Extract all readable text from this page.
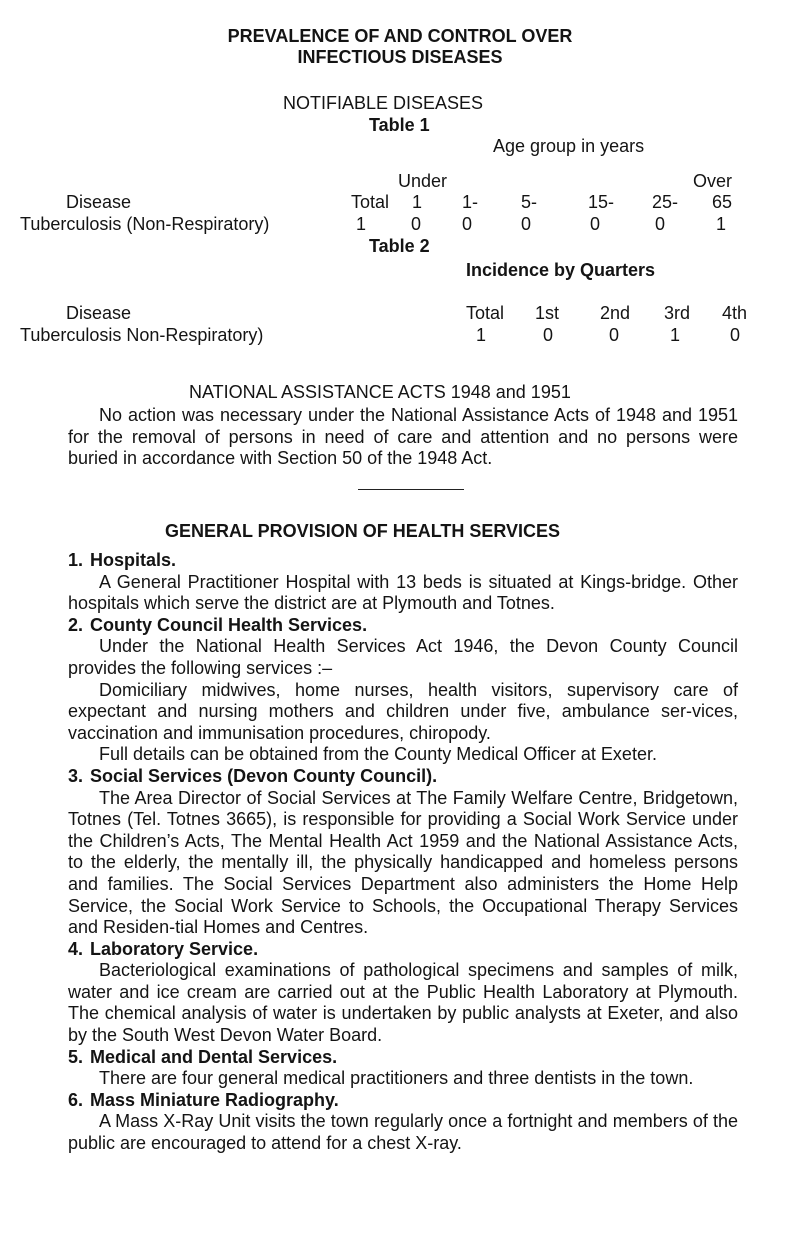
PREVALENCE OF AND CONTROL OVER
INFECTIOUS DISEASES
NOTIFIABLE DISEASES
Table 1
Age group in years
Under	Over
Disease	Total 1 1- 5-	15- 25- 65
Tuberculosis (Non-Respiratory)	1 0 0	0	0	0	1
Table 2
Incidence by Quarters
Disease	Total 1st 2nd 3rd 4th
Tuberculosis Non-Respiratory)	1	0	0	1	0
NATIONAL ASSISTANCE ACTS 1948 and 1951

No action was necessary under the National Assistance Acts of 1948 and 1951 for the removal of persons in need of care and attention and no persons were buried in accordance with Section 50 of the 1948 Act.

GENERAL PROVISION OF HEALTH SERVICES

1. Hospitals.

A General Practitioner Hospital with 13 beds is situated at Kings-bridge. Other hospitals which serve the district are at Plymouth and Totnes.

2. County Council Health Services.

Under the National Health Services Act 1946, the Devon County Council provides the following services :–

Domiciliary midwives, home nurses, health visitors, supervisory care of expectant and nursing mothers and children under five, ambulance ser-vices, vaccination and immunisation procedures, chiropody.

Full details can be obtained from the County Medical Officer at Exeter.

3. Social Services (Devon County Council).

The Area Director of Social Services at The Family Welfare Centre, Bridgetown, Totnes (Tel. Totnes 3665), is responsible for providing a Social Work Service under the Children’s Acts, The Mental Health Act 1959 and the National Assistance Acts, to the elderly, the mentally ill, the physically handicapped and homeless persons and families. The Social Services Department also administers the Home Help Service, the Social Work Service to Schools, the Occupational Therapy Services and Residen-tial Homes and Centres.

4. Laboratory Service.

Bacteriological examinations of pathological specimens and samples of milk, water and ice cream are carried out at the Public Health Laboratory at Plymouth. The chemical analysis of water is undertaken by public analysts at Exeter, and also by the South West Devon Water Board.

5. Medical and Dental Services.

There are four general medical practitioners and three dentists in the town.

6. Mass Miniature Radiography.

A Mass X-Ray Unit visits the town regularly once a fortnight and members of the public are encouraged to attend for a chest X-ray.
